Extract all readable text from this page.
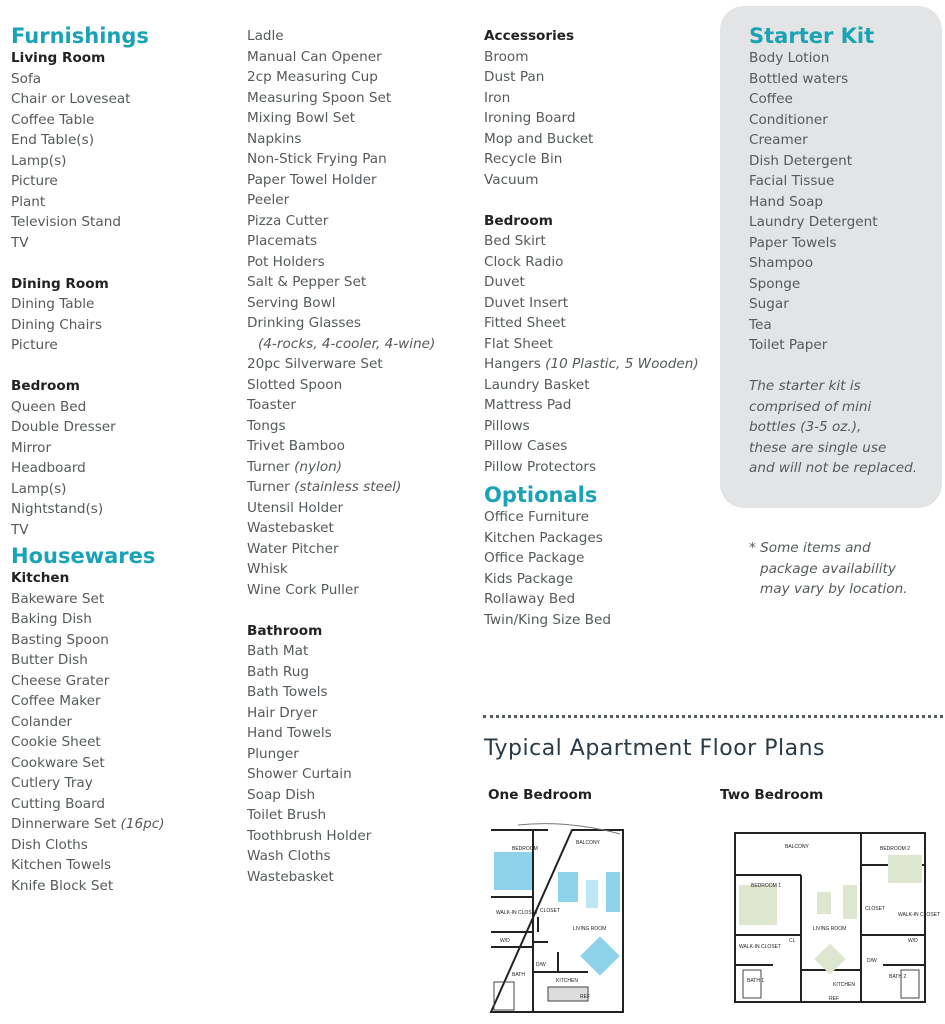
Furnishings
Living Room
Sofa
Chair or Loveseat
Coffee Table
End Table(s)
Lamp(s)
Picture
Plant
Television Stand
TV
Dining Room
Dining Table
Dining Chairs
Picture
Bedroom
Queen Bed
Double Dresser
Mirror
Headboard
Lamp(s)
Nightstand(s)
TV
Housewares
Kitchen
Bakeware Set
Baking Dish
Basting Spoon
Butter Dish
Cheese Grater
Coffee Maker
Colander
Cookie Sheet
Cookware Set
Cutlery Tray
Cutting Board
Dinnerware Set (16pc)
Dish Cloths
Kitchen Towels
Knife Block Set
Ladle
Manual Can Opener
2cp Measuring Cup
Measuring Spoon Set
Mixing Bowl Set
Napkins
Non-Stick Frying Pan
Paper Towel Holder
Peeler
Pizza Cutter
Placemats
Pot Holders
Salt & Pepper Set
Serving Bowl
Drinking Glasses
(4-rocks, 4-cooler, 4-wine)
20pc Silverware Set
Slotted Spoon
Toaster
Tongs
Trivet Bamboo
Turner (nylon)
Turner (stainless steel)
Utensil Holder
Wastebasket
Water Pitcher
Whisk
Wine Cork Puller
Bathroom
Bath Mat
Bath Rug
Bath Towels
Hair Dryer
Hand Towels
Plunger
Shower Curtain
Soap Dish
Toilet Brush
Toothbrush Holder
Wash Cloths
Wastebasket
Accessories
Broom
Dust Pan
Iron
Ironing Board
Mop and Bucket
Recycle Bin
Vacuum
Bedroom
Bed Skirt
Clock Radio
Duvet
Duvet Insert
Fitted Sheet
Flat Sheet
Hangers (10 Plastic, 5 Wooden)
Laundry Basket
Mattress Pad
Pillows
Pillow Cases
Pillow Protectors
Optionals
Office Furniture
Kitchen Packages
Office Package
Kids Package
Rollaway Bed
Twin/King Size Bed
Starter Kit
Body Lotion
Bottled waters
Coffee
Conditioner
Creamer
Dish Detergent
Facial Tissue
Hand Soap
Laundry Detergent
Paper Towels
Shampoo
Sponge
Sugar
Tea
Toilet Paper
The starter kit is
comprised of mini
bottles (3-5 oz.),
these are single use
and will not be replaced.
* Some items and
package availability
may vary by location.
Typical Apartment Floor Plans
One Bedroom	Two Bedroom
BEDROOM
BALCONY
WALK-IN CLOSET CLOSET
LIVING ROOM
W/D
BATH
D/W
KITCHEN
REF
BALCONY	BEDROOM 2
BEDROOM 1
CLOSET
LIVING ROOM
WALK-IN CLOSET
WALK-IN CLOSET
W/D
CL
D/W
BATH 1
BATH 2
KITCHEN
REF
